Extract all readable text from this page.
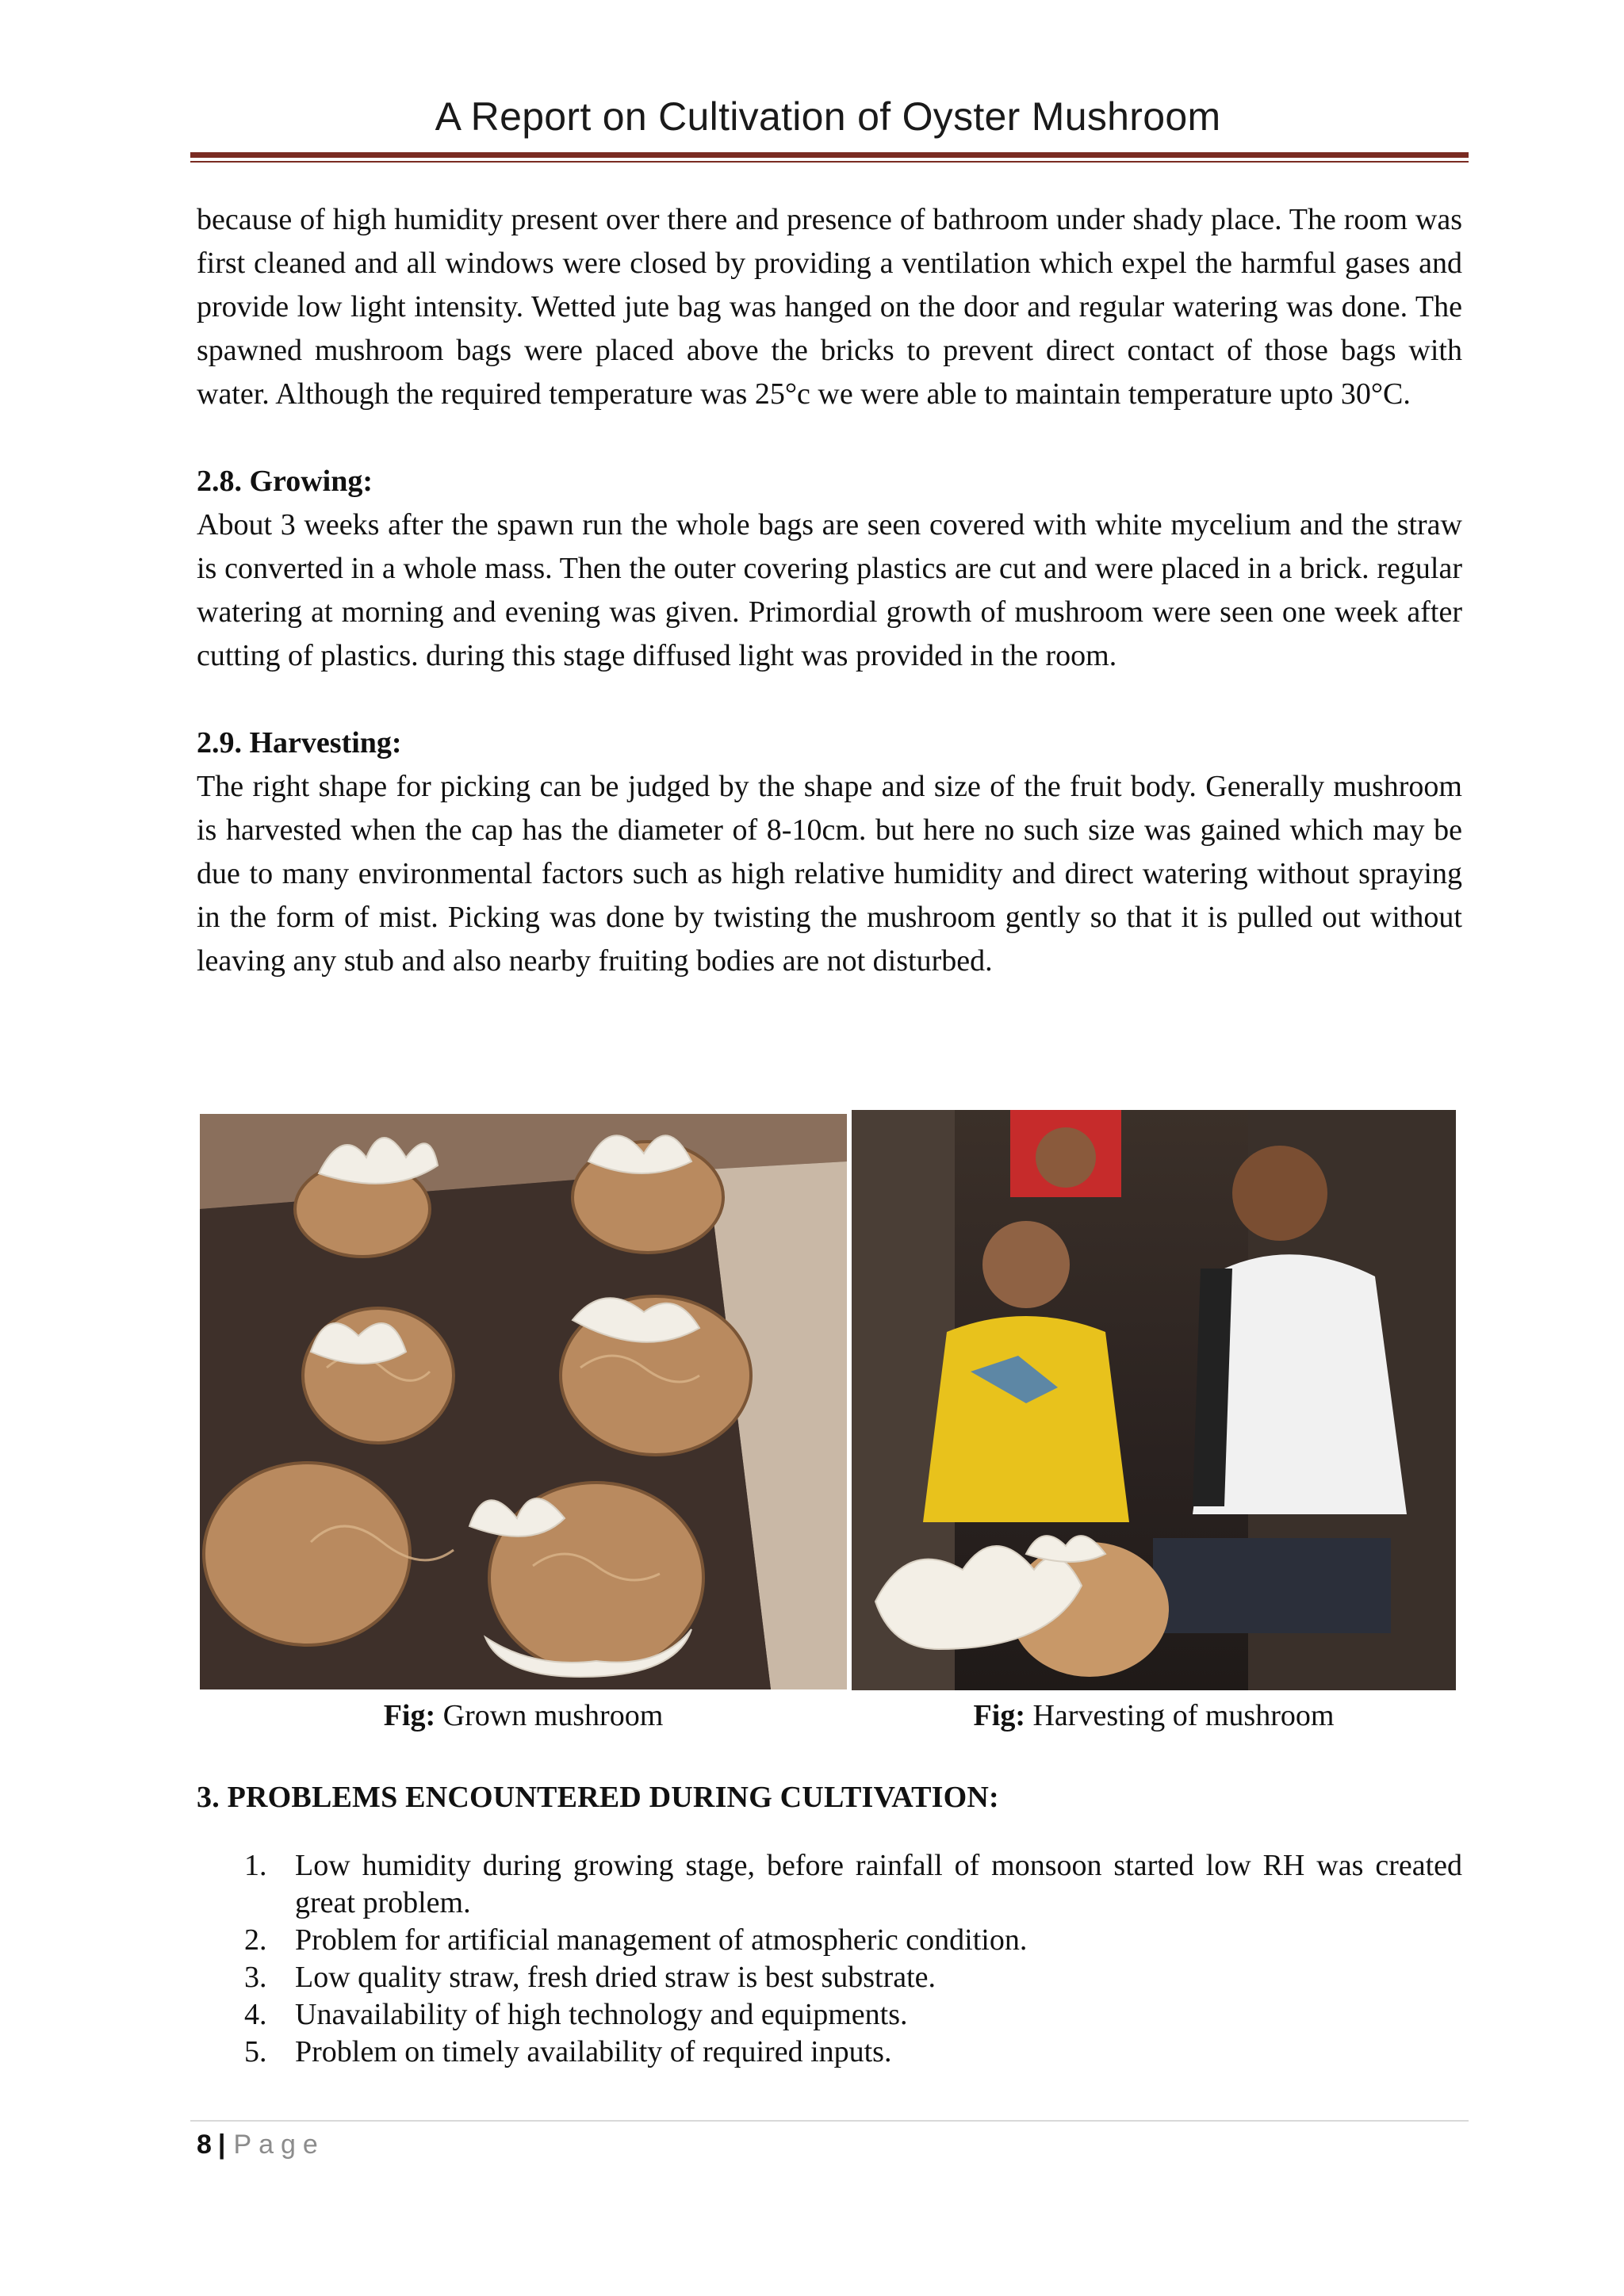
A Report on Cultivation of Oyster Mushroom

because of high humidity present over there and presence of bathroom under shady place. The room was first cleaned and all windows were closed by providing a ventilation which expel the harmful gases and provide low light intensity. Wetted jute bag was hanged on the door and regular watering was done. The spawned mushroom bags were placed above the bricks to prevent direct contact of those bags with water. Although the required temperature was 25°c we were able to maintain temperature upto 30°C.

2.8. Growing:

About 3 weeks after the spawn run the whole bags are seen covered with white mycelium and the straw is converted in a whole mass. Then the outer covering plastics are cut and were placed in a brick. regular watering at morning and evening was given. Primordial growth of mushroom were seen one week after cutting of plastics. during this stage diffused light was provided in the room.

2.9. Harvesting:

The right shape for picking can be judged by the shape and size of the fruit body. Generally mushroom is harvested when the cap has the diameter of 8-10cm. but here no such size was gained which may be due to many environmental factors such as high relative humidity and direct watering without spraying in the form of mist. Picking was done by twisting the mushroom gently so that it is pulled out without leaving any stub and also nearby fruiting bodies are not disturbed.

Fig: Grown mushroom	Fig: Harvesting of mushroom
3. PROBLEMS ENCOUNTERED DURING CULTIVATION:
1. Low humidity during growing stage, before rainfall of monsoon started low RH was created great problem.
2. Problem for artificial management of atmospheric condition.
3. Low quality straw, fresh dried straw is best substrate.
4. Unavailability of high technology and equipments.
5. Problem on timely availability of required inputs.
8 | Page
